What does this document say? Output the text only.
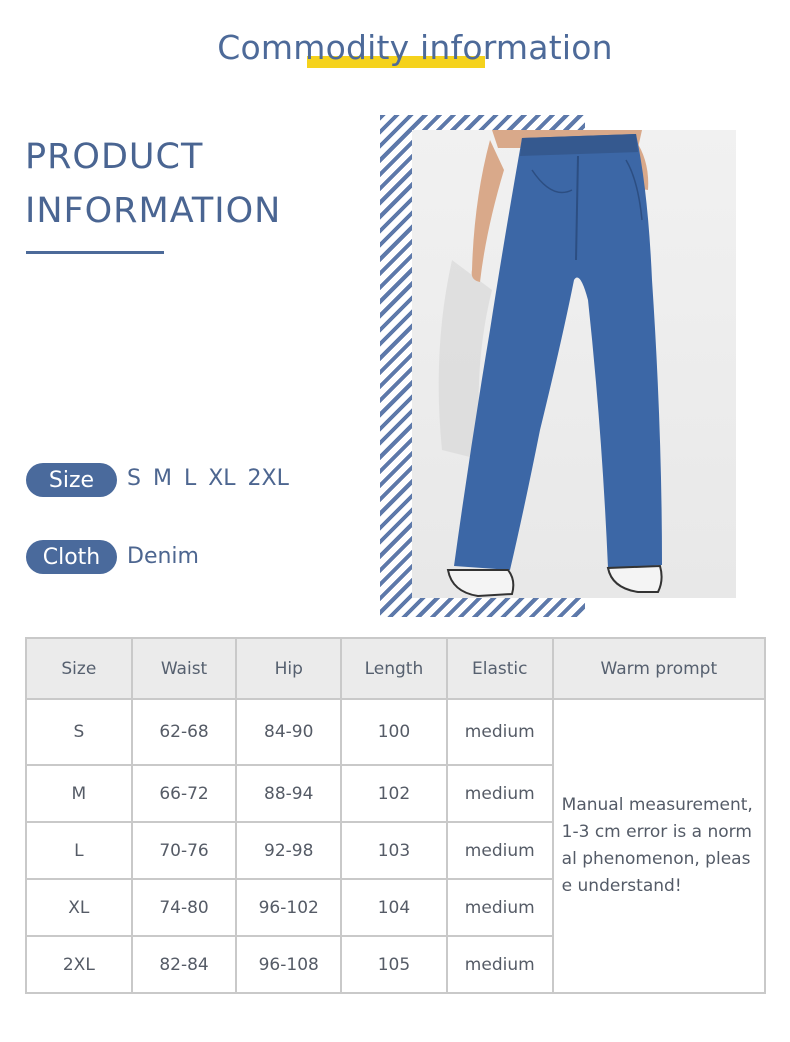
Commodity information
PRODUCT
INFORMATION
Size	S M L XL 2XL
Cloth	Denim
Size	Waist	Hip	Length	Elastic	Warm prompt
S	62-68	84-90	100	medium	Manual measurement, 1-3 cm error is a normal phenomenon, please understand!
M	66-72	88-94	102	medium	
L	70-76	92-98	103	medium	
XL	74-80	96-102	104	medium	
2XL	82-84	96-108	105	medium	
